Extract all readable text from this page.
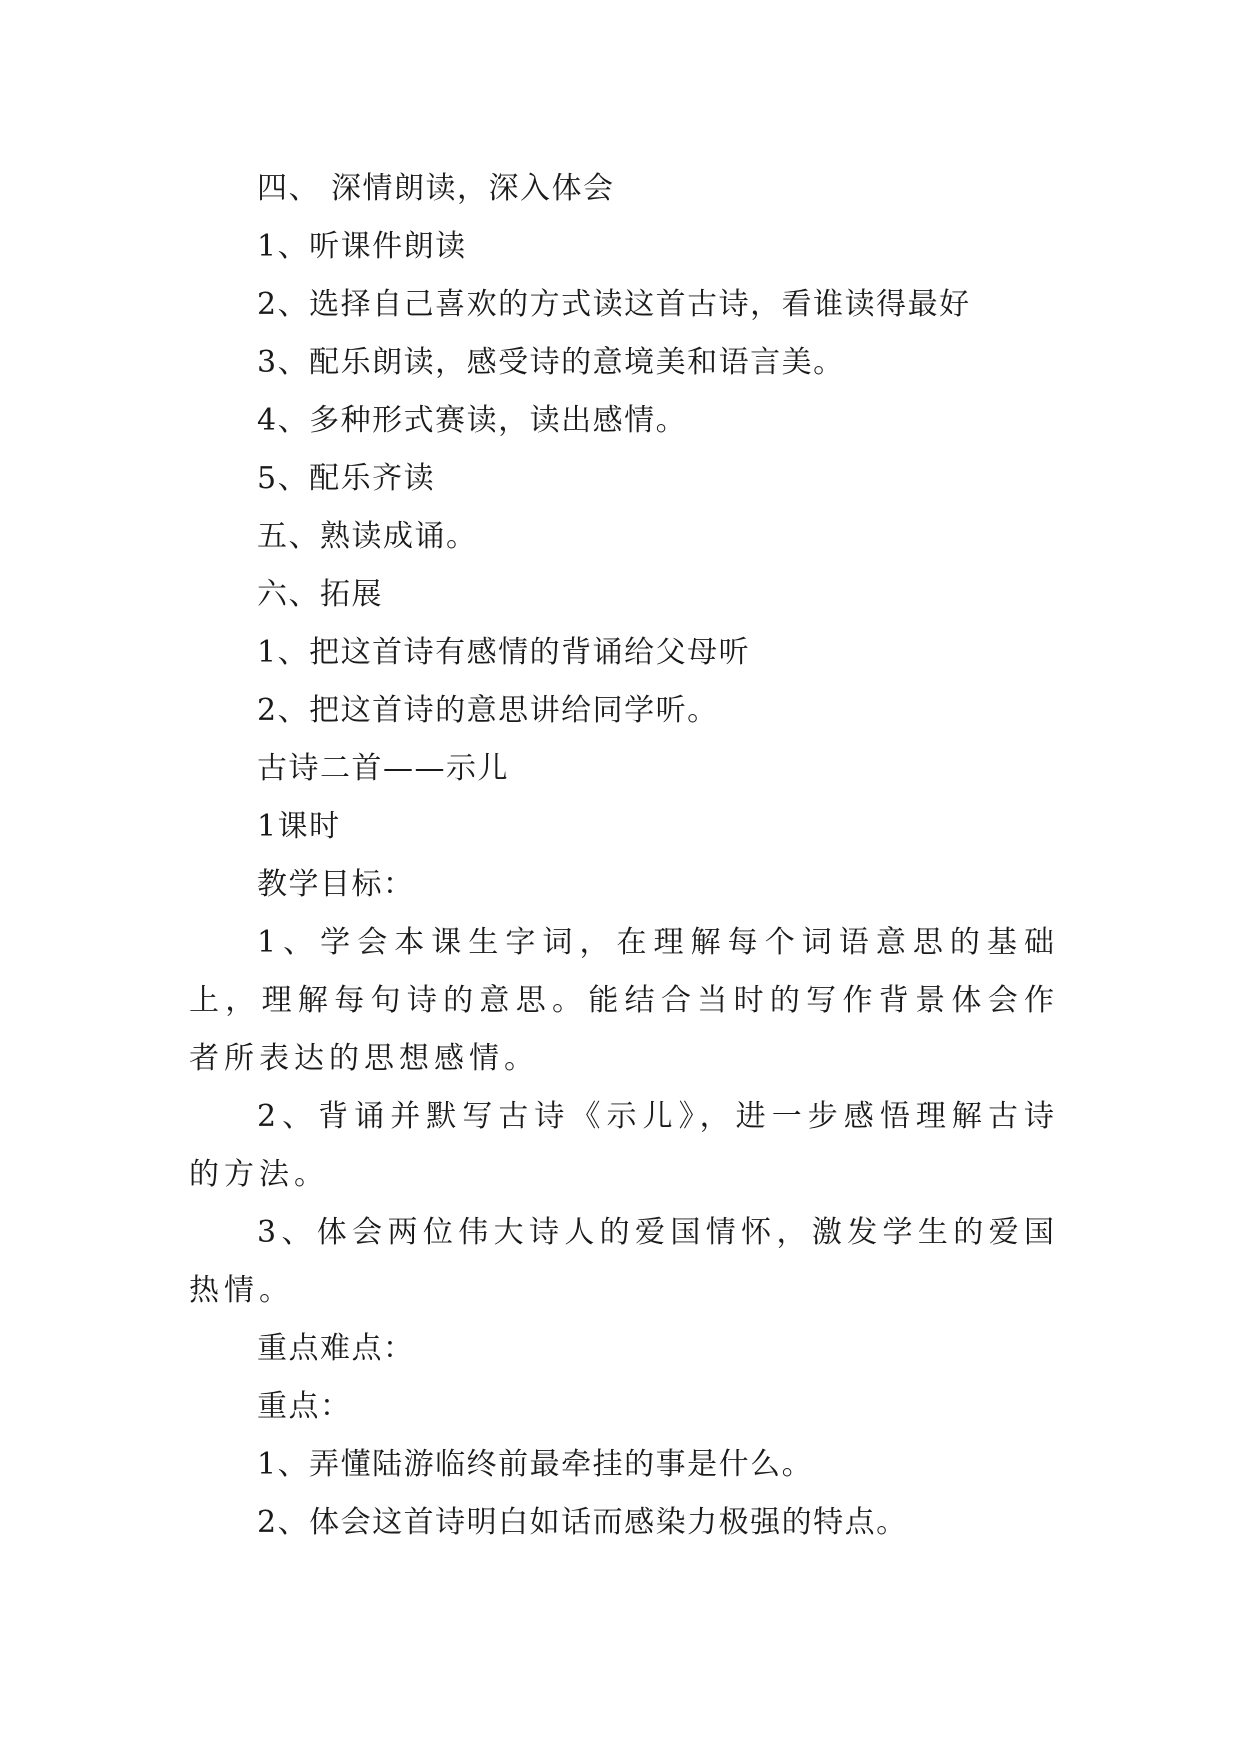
四、 深情朗读，深入体会
1、听课件朗读
2、选择自己喜欢的方式读这首古诗，看谁读得最好
3、配乐朗读，感受诗的意境美和语言美。
4、多种形式赛读，读出感情。
5、配乐齐读
五、熟读成诵。
六、拓展
1、把这首诗有感情的背诵给父母听
2、把这首诗的意思讲给同学听。
古诗二首——示儿
1课时
教学目标：

1、学会本课生字词，在理解每个词语意思的基础上，理解每句诗的意思。能结合当时的写作背景体会作者所表达的思想感情。

2、背诵并默写古诗《示儿》，进一步感悟理解古诗的方法。

3、体会两位伟大诗人的爱国情怀，激发学生的爱国热情。

重点难点：
重点：
1、弄懂陆游临终前最牵挂的事是什么。
2、体会这首诗明白如话而感染力极强的特点。
